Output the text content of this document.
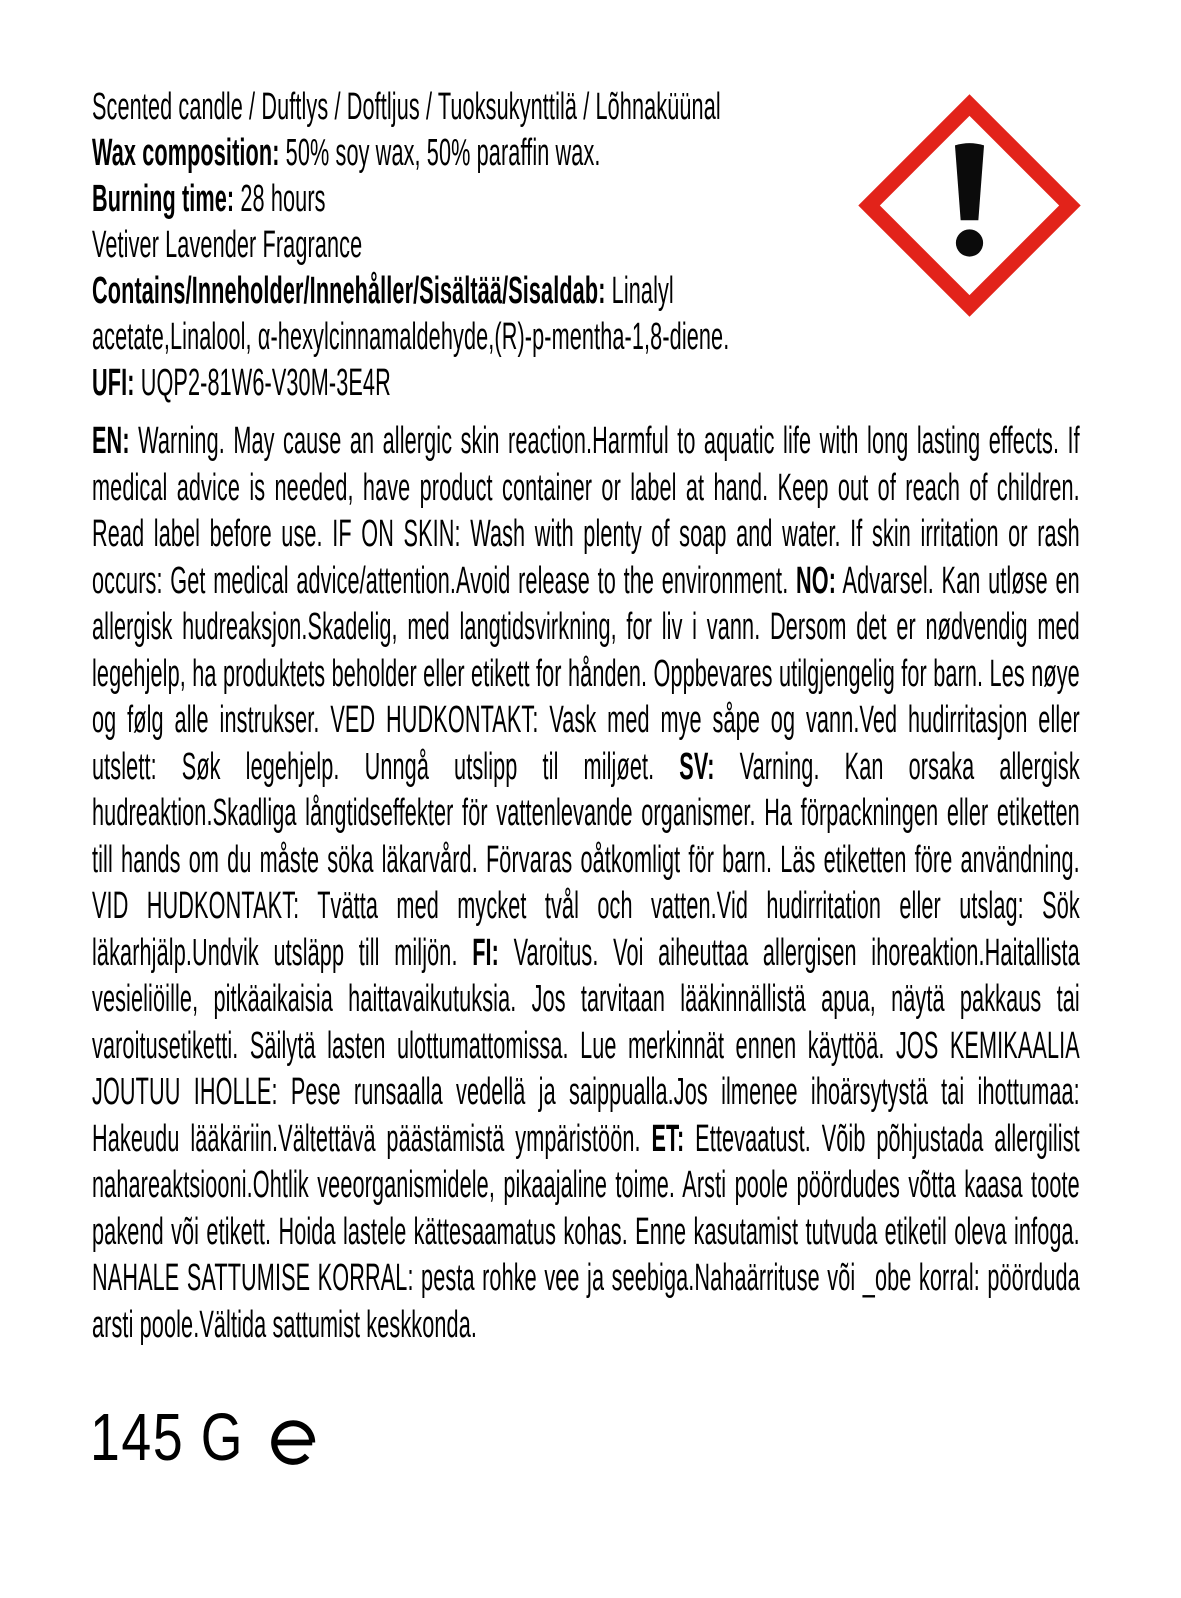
Scented candle / Duftlys / Doftljus / Tuoksukynttilä / Lõhnaküünal
Wax composition: 50% soy wax, 50% paraffin wax.
Burning time: 28 hours
Vetiver Lavender Fragrance
Contains/Inneholder/Innehåller/Sisältää/Sisaldab: Linalyl
acetate,Linalool, α-hexylcinnamaldehyde,(R)-p-mentha-1,8-diene.
UFI: UQP2-81W6-V30M-3E4R

EN: Warning. May cause an allergic skin reaction.Harmful to aquatic life with long lasting effects. If medical advice is needed, have product container or label at hand. Keep out of reach of children. Read label before use. IF ON SKIN: Wash with plenty of soap and water. If skin irritation or rash occurs: Get medical advice/attention.Avoid release to the environment. NO: Advarsel. Kan utløse en allergisk hudreaksjon.Skadelig, med langtidsvirkning, for liv i vann. Dersom det er nødvendig med legehjelp, ha produktets beholder eller etikett for hånden. Oppbevares utilgjengelig for barn. Les nøye og følg alle instrukser. VED HUDKONTAKT: Vask med mye såpe og vann.Ved hudirritasjon eller utslett: Søk legehjelp. Unngå utslipp til miljøet. SV: Varning. Kan orsaka allergisk hudreaktion.Skadliga långtidseffekter för vattenlevande organismer. Ha förpackningen eller etiketten till hands om du måste söka läkarvård. Förvaras oåtkomligt för barn. Läs etiketten före användning. VID HUDKONTAKT: Tvätta med mycket tvål och vatten.Vid hudirritation eller utslag: Sök läkarhjälp.Undvik utsläpp till miljön. FI: Varoitus. Voi aiheuttaa allergisen ihoreaktion.Haitallista vesieliöille, pitkäaikaisia haittavaikutuksia. Jos tarvitaan lääkinnällistä apua, näytä pakkaus tai varoitusetiketti. Säilytä lasten ulottumattomissa. Lue merkinnät ennen käyttöä. JOS KEMIKAALIA JOUTUU IHOLLE: Pese runsaalla vedellä ja saippualla.Jos ilmenee ihoärsytystä tai ihottumaa: Hakeudu lääkäriin.Vältettävä päästämistä ympäristöön. ET: Ettevaatust. Võib põhjustada allergilist nahareaktsiooni.Ohtlik veeorganismidele, pikaajaline toime. Arsti poole pöördudes võtta kaasa toote pakend või etikett. Hoida lastele kättesaamatus kohas. Enne kasutamist tutvuda etiketil oleva infoga. NAHALE SATTUMISE KORRAL: pesta rohke vee ja seebiga.Nahaärrituse või _obe korral: pöörduda arsti poole.Vältida sattumist keskkonda.

145 G
